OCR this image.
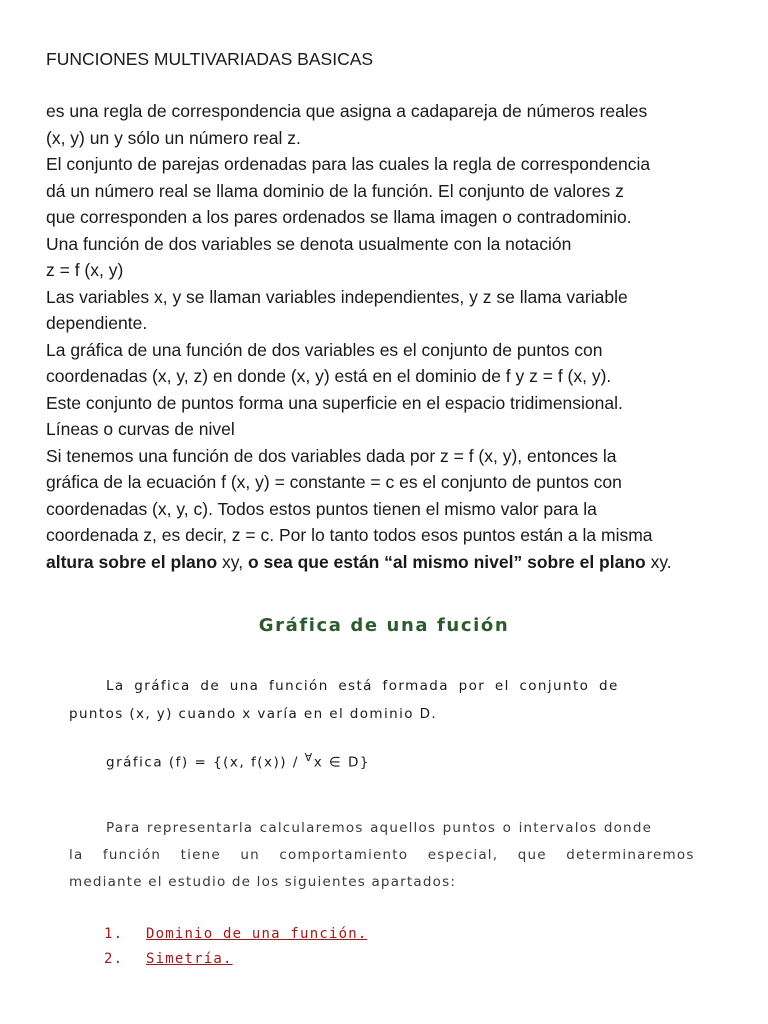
FUNCIONES MULTIVARIADAS BASICAS
es una regla de correspondencia que asigna a cadapareja de números reales
(x, y) un y sólo un número real z.
El conjunto de parejas ordenadas para las cuales la regla de correspondencia
dá un número real se llama dominio de la función. El conjunto de valores z
que corresponden a los pares ordenados se llama imagen o contradominio.
Una función de dos variables se denota usualmente con la notación
z = f (x, y)
Las variables x, y se llaman variables independientes, y z se llama variable
dependiente.
La gráfica de una función de dos variables es el conjunto de puntos con
coordenadas (x, y, z) en donde (x, y) está en el dominio de f y z = f (x, y).
Este conjunto de puntos forma una superficie en el espacio tridimensional.
Líneas o curvas de nivel
Si tenemos una función de dos variables dada por z = f (x, y), entonces la
gráfica de la ecuación f (x, y) = constante = c es el conjunto de puntos con
coordenadas (x, y, c). Todos estos puntos tienen el mismo valor para la
coordenada z, es decir, z = c. Por lo tanto todos esos puntos están a la misma
altura sobre el plano xy, o sea que están “al mismo nivel” sobre el plano xy.
Gráfica de una fución
La gráfica de una función está formada por el conjunto de
puntos (x, y) cuando x varía en el dominio D.
gráfica (f) = {(x, f(x)) / ∀x ∈ D}
Para representarla calcularemos aquellos puntos o intervalos donde
la función tiene un comportamiento especial, que determinaremos
mediante el estudio de los siguientes apartados:
1. Dominio de una función.
2. Simetría.
